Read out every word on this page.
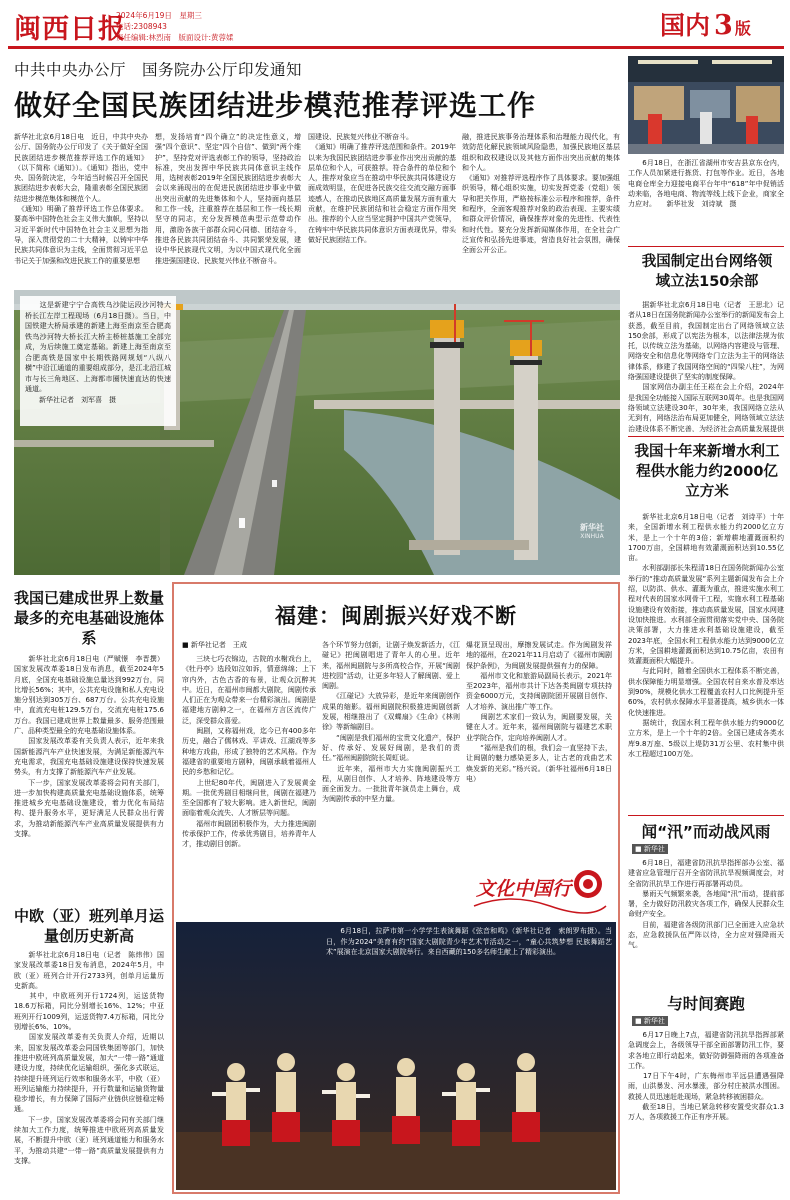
闽西日报
2024年6月19日　星期三
电话:2308943
责任编辑:林烈南　版面设计:黄蓉媃	国内 3 版
中共中央办公厅　国务院办公厅印发通知
做好全国民族团结进步模范推荐评选工作
新华社北京6月18日电　近日，中共中央办公厅、国务院办公厅印发了《关于做好全国民族团结进步模范推荐评选工作的通知》（以下简称《通知》）。《通知》指出，党中央、国务院决定，今年适当时候召开全国民族团结进步表彰大会，隆重表彰全国民族团结进步模范集体和模范个人。
　《通知》明确了推荐评选工作总体要求。要高举中国特色社会主义伟大旗帜，坚持以习近平新时代中国特色社会主义思想为指导，深入贯彻党的二十大精神，以铸牢中华民族共同体意识为主线，全面贯彻习近平总书记关于加强和改进民族工作的重要思想
想，发扬培育“四个确立”的决定性意义，增强“四个意识”、坚定“四个自信”、做到“两个维护”，坚持党对评选表彰工作的领导，坚持政治标准，突出发挥中华民族共同体意识主线作用，选树表彰2019年全国民族团结进步表彰大会以来涌现出的在促进民族团结进步事业中做出突出贡献的先进集体和个人，坚持面向基层和工作一线，注重推荐在基层和工作一线长期坚守的同志，充分发挥模范典型示范带动作用，激励各族干部群众同心同德、团结奋斗，推进各民族共同团结奋斗、共同繁荣发展，建设中华民族现代文明，为以中国式现代化全面推进强国建设、民族复兴伟业不断奋斗。
国建设、民族复兴伟业不断奋斗。
　《通知》明确了推荐评选范围和条件。2019年以来为我国民族团结进步事业作出突出贡献的基层单位和个人，可获推荐。符合条件的单位和个人，推荐对象应当在推动中华民族共同体建设方面成效明显，在促进各民族交往交流交融方面事迹感人，在推动民族地区高质量发展方面有重大贡献，在维护民族团结和社会稳定方面作用突出。推荐的个人应当坚定拥护中国共产党领导，在铸牢中华民族共同体意识方面表现优异，带头做好民族团结工作。
融，推进民族事务治理体系和治理能力现代化，有效防范化解民族领域风险隐患，加强民族地区基层组织和政权建设以及其他方面作出突出贡献的集体和个人。
　《通知》对推荐评选程序作了具体要求。要加强组织领导，精心组织实施，切实发挥党委（党组）领导和把关作用，严格按标准公示程序和推荐，条件和程序，全面客观推荐对象的政治表现、主要实绩和群众评价情况，确保推荐对象的先进性、代表性和时代性。要充分发挥新闻媒体作用，在全社会广泛宣传和弘扬先进事迹，营造良好社会氛围，确保全面公开公正。
　　这是新建宁宁合高铁乌沙陡运段沙河特大桥长江左岸工程现场（6月18日摄）。当日，中国铁建大桥局承建的新建上海至南京至合肥高铁鸟沙河特大桥长江大桥主桥桩基施工全部完成，为后续施工奠定基础。新建上海至南京至合肥高铁是国家中长期铁路网规划“八纵八横”中沿江通道的重要组成部分，是江北沿江城市与长三角地区、上海都市圈快速直达的快速通道。
　　新华社记者　刘军喜　摄
新华社
XINHUA
　　6月18日，在浙江省湖州市安吉县京东仓内，工作人员加紧进行拣货、打包等作业。近日，各地电商仓库全力迎接电商平台年中“618”年中促销活动来临，各地电商、物流等线上线下企业，商家全力应对。　　新华社发　刘诗斌　摄
我国制定出台网络领域立法150余部
　　据新华社北京6月18日电（记者　王思北）记者从18日在国务院新闻办公室举行的新闻发布会上获悉，截至目前，我国制定出台了网络领域立法150余部，形成了以宪法为根本，以法律法规为依托，以传统立法为基础，以网络内容建设与管理、网络安全和信息化等网络专门立法为主干的网络法律体系，修建了我国网络空间的“四梁八柱”，为网络强国建设提供了坚实的制度保障。
　　国家网信办副主任王崧在会上介绍，2024年是我国全功能接入国际互联网30周年。也是我国网络领域立法建设30年，30年来，我国网络立法从无到有，网络法治布局更加健全，网络领域立法法治建设体系不断完善，为经济社会高质量发展提供

我国十年来新增水利工程供水能力约2000亿立方米
　　新华社北京6月18日电（记者　刘诗平）十年来，全国新增水利工程供水能力约2000亿立方米，是上一个十年的3倍；新增耕地灌溉面积约1700万亩，全国耕地有效灌溉面积达到10.55亿亩。
　　水利部副部长朱程清18日在国务院新闻办公室举行的“推动高质量发展”系列主题新闻发布会上介绍，以防洪、供水、灌溉为重点，推进实施水利工程对代表的国家水网骨干工程，实施水利工程基础设施建设有效衔接，推动高质量发展，国家水网建设加快推进。水利部全面贯彻落实党中央、国务院决策部署，大力推进水利基础设施建设，截至2023年底，全国水利工程供水能力达到9000亿立方米，全国耕地灌溉面积达到10.75亿亩，农田有效灌溉面积大幅提升。
　　与此同时，随着全国供水工程体系不断完善，供水保障能力明显增强。全国农村自来水普及率达到90%，规模化供水工程覆盖农村人口比例提升至60%，农村供水保障水平显著提高，城乡供水一体化快速推进。
　　据统计，我国水利工程年供水能力约9000亿立方米，是上一个十年的2倍。全国已建成各类水库9.8万座、5级以上堤防31万公里、农村集中供水工程超过100万处。
闻“汛”而动战风雨
■ 新华社
　　6月18日，福建省防汛抗旱指挥部办公室、福建省应急管理厅召开全省防汛抗旱视频调度会，对全省防汛抗旱工作进行再部署再动员。
　　暴雨天气频繁来袭，各地闻“汛”而动，提前部署，全力做好防汛救灾各项工作，确保人民群众生命财产安全。
　　目前，福建省各级防汛部门已全面进入应急状态，应急救援队伍严阵以待，全力应对强降雨天气。
与时间赛跑
■ 新华社
　　6月17日晚上7点，福建省防汛抗旱指挥部紧急调度会上，各级领导干部全面部署防汛工作，要求各地立即行动起来，做好防御强降雨的各项准备工作。
　　17日下午4时，广东梅州市平远县遭遇强降雨，山洪暴发、河水暴涨，部分村庄被洪水围困。救援人员迅速赶赴现场，紧急转移被困群众。
　　截至18日，当地已紧急转移安置受灾群众1.3万人，各项救援工作正有序开展。
我国已建成世界上数量最多的充电基础设施体系
　　新华社北京6月18日电（严赋憬　李晋撰）国家发展改革委18日发布消息，截至2024年5月底，全国充电基础设施总量达到992万台，同比增长56%；其中，公共充电设施和私人充电设施分别达到305万台、687万台。公共充电设施中，直流充电桩129.5万台，交流充电桩175.6万台。我国已建成世界上数量最多、服务范围最广、品种类型最全的充电基础设施体系。
　　国家发展改革委有关负责人表示，近年来我国新能源汽车产业快速发展，为满足新能源汽车充电需求，我国充电基础设施建设保持快速发展势头，有力支撑了新能源汽车产业发展。
　　下一步，国家发展改革委将会同有关部门，进一步加快构建高质量充电基础设施体系，统筹推进城乡充电基础设施建设，着力优化布局结构、提升服务水平，更好满足人民群众出行需求，为推动新能源汽车产业高质量发展提供有力支撑。
中欧（亚）班列单月运量创历史新高
　　新华社北京6月18日电（记者　陈炜伟）国家发展改革委18日发布消息，2024年5月，中欧（亚）班列合计开行2733列，创单月运量历史新高。
　　其中，中欧班列开行1724列，运送货物18.6万标箱，同比分别增长16%、12%；中亚班列开行1009列，运送货物7.4万标箱，同比分别增长6%、10%。
　　国家发展改革委有关负责人介绍，近期以来，国家发展改革委会同国铁集团等部门，加快推进中欧班列高质量发展，加大“一带一路”通道建设力度，持续优化运输组织，强化多式联运，持续提升班列运行效率和服务水平，中欧（亚）班列运输能力持续提升，开行数量和运输货物量稳步增长，有力保障了国际产业链供应链稳定畅通。
　　下一步，国家发展改革委将会同有关部门继续加大工作力度，统筹推进中欧班列高质量发展，不断提升中欧（亚）班列通道能力和服务水平，为推动共建“一带一路”高质量发展提供有力支撑。
福建：闽剧振兴好戏不断
■ 新华社记者　王成
　　三块七巧衣锦边，古院的水榭戏台上，《牡丹亭》选段如泣如诉，情意绵绵；上下帘内外，古色古香的布景，让观众沉醉其中。近日，在福州市闽都大剧院，闽剧传承人们正在为观众带来一台精彩演出。闽剧是福建地方剧种之一，在福州方言区流传广泛，深受群众喜爱。
　　闽剧，又称福州戏，迄今已有400多年历史，融合了儒林戏、平讲戏、江湖戏等多种地方戏曲，形成了独特的艺术风格。作为福建省的重要地方剧种，闽剧承载着福州人民的乡愁和记忆。
　　上世纪80年代，闽剧进入了发展黄金期。一批优秀剧目相继问世，闽剧在福建乃至全国都有了较大影响。进入新世纪，闽剧面临着观众流失、人才断层等问题。
　　福州市闽剧团积极作为，大力推进闽剧传承保护工作，传承优秀剧目，培养青年人才，推动剧目创新。
各个环节努力创新，让剧子焕发新活力，《江碰记》把闽剧唱进了青年人的心里。近年来，福州闽剧院与多所高校合作，开展“闽剧进校园”活动，让更多年轻人了解闽剧、爱上闽剧。
　　《江碰记》大放异彩，是近年来闽剧创作成果的缩影。福州闽剧院积极推进闽剧创新发展，相继推出了《双蝶扇》《生命》《林则徐》等新编剧目。
　　“闽剧是我们福州的宝贵文化遗产，保护好、传承好、发展好闽剧，是我们的责任。”福州闽剧院院长周虹说。
　　近年来，福州市大力实施闽剧振兴工程，从剧目创作、人才培养、阵地建设等方面全面发力。一批批青年演员走上舞台，成为闽剧传承的中坚力量。
爆花顶呈现出，摩擦发展试走。作为闽剧发祥地的福州，在2021年11月启动了《福州市闽剧保护条例》，为闽剧发展提供强有力的保障。
　　福州市文化和旅游局副局长表示，2021年至2023年，福州市共计下达各类闽剧专项扶持资金6000万元，支持闽剧院团开展剧目创作、人才培养、演出推广等工作。
　　闽剧艺术家们一致认为，闽剧要发展，关键在人才。近年来，福州闽剧院与福建艺术职业学院合作，定向培养闽剧人才。
　　“福州是我们的根，我们会一直坚持下去，让闽剧的魅力感染更多人，让古老的戏曲艺术焕发新的光彩。”杨兴说。（新华社福州6月18日电）
文化中国行
　　6月18日，拉萨市第一小学学生表演舞蹈《弦音和鸣》（新华社记者　索朗罗布摄）。当日，作为2024“美育有约”国家大剧院青少年艺术节活动之一，“童心共筑梦想 民族舞蹈艺术”展演在北京国家大剧院举行。来自西藏的150多名师生献上了精彩演出。
